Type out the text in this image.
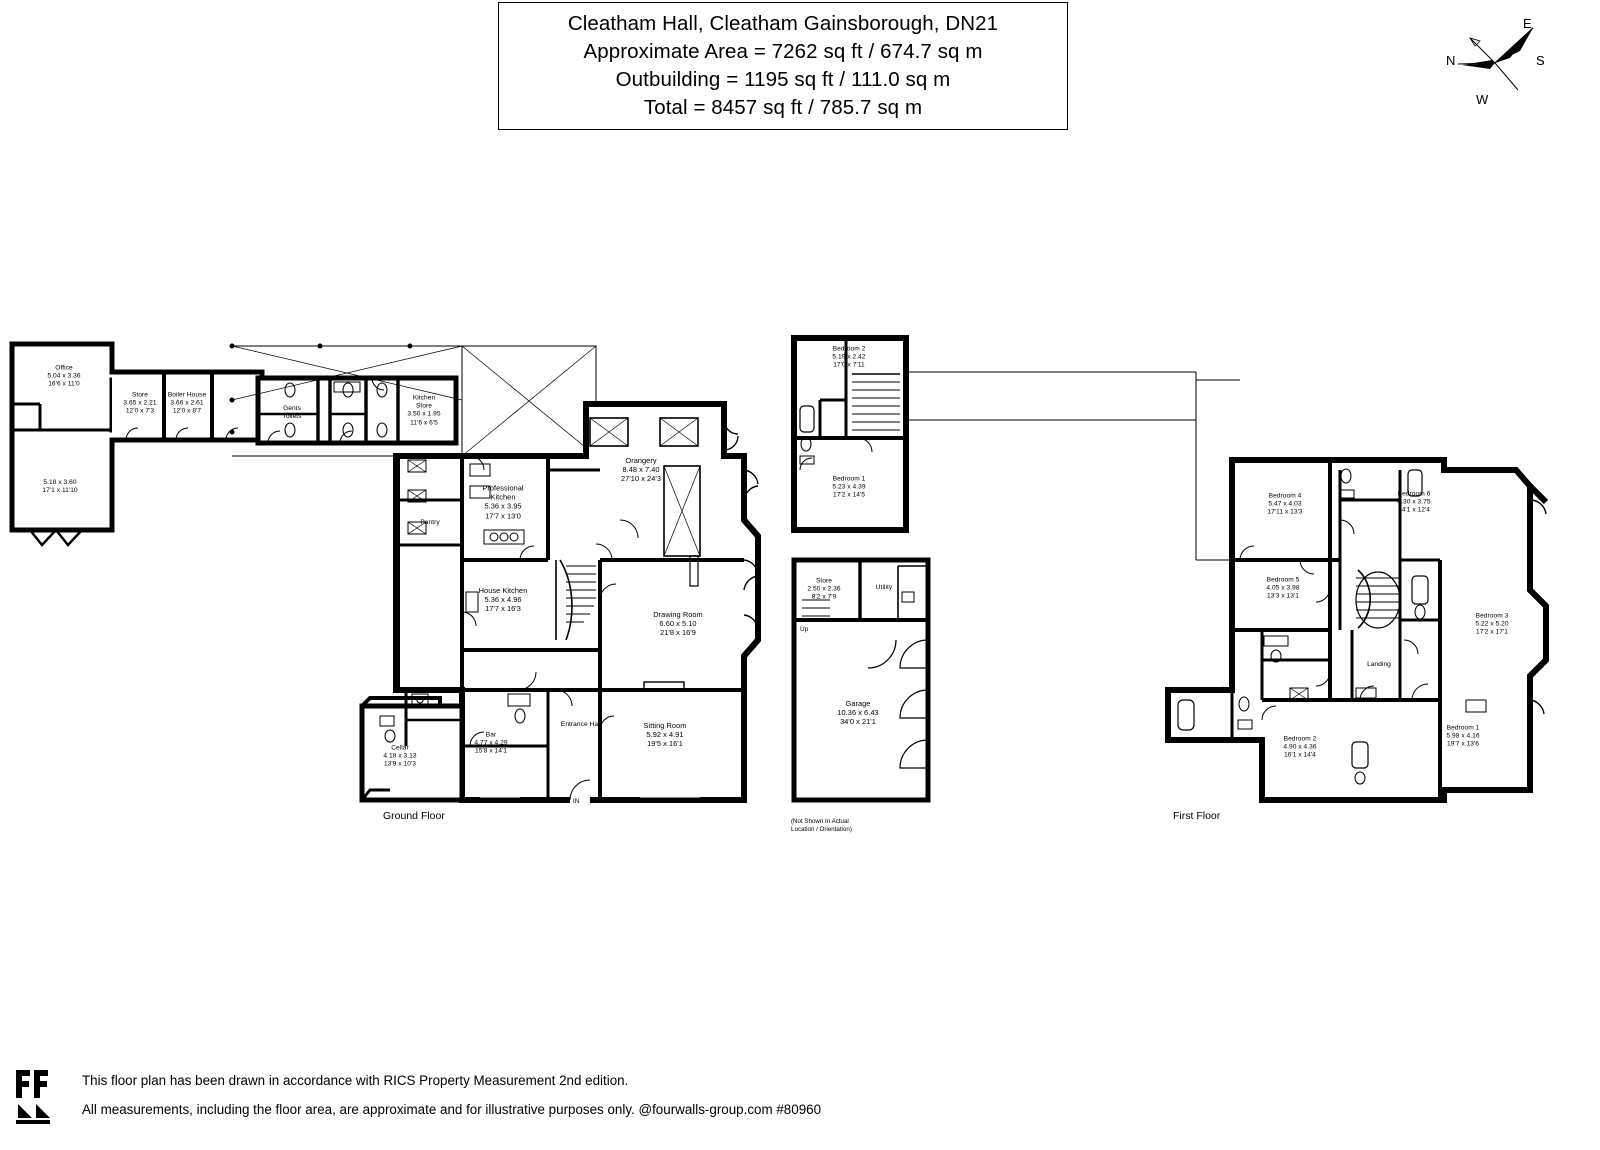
Cleatham Hall, Cleatham Gainsborough, DN21
Approximate Area = 7262 sq ft / 674.7 sq m
Outbuilding = 1195 sq ft / 111.0 sq m
Total = 8457 sq ft / 785.7 sq m
N
E
S
W
Office
5.04 x 3.36
16'6 x 11'0
5.18 x 3.60
17'1 x 11'10
Store
3.65 x 2.21
12'0 x 7'3
Boiler House
3.66 x 2.61
12'0 x 8'7	Gents
Toilets
Kitchen
Store
3.50 x 1.95
11'6 x 6'5
Professional
Kitchen
5.36 x 3.95
17'7 x 13'0
Pantry
House Kitchen
5.36 x 4.96
17'7 x 16'3
Orangery
8.48 x 7.40
27'10 x 24'3
Drawing Room
6.60 x 5.10
21'8 x 16'9
Entrance Hall	Sitting Room
5.92 x 4.91
19'5 x 16'1
Bar
4.77 x 4.29
15'8 x 14'1
Cellar
4.18 x 3.13
13'9 x 10'3
Bedroom 2
5.19 x 2.42
17'0 x 7'11
Bedroom 1
5.23 x 4.39
17'2 x 14'5
Store
2.50 x 2.36
8'2 x 7'9
Utility
Garage
10.36 x 6.43
34'0 x 21'1
Bedroom 4
5.47 x 4.03
17'11 x 13'3
Bedroom 6
4.30 x 3.75
14'1 x 12'4
Bedroom 5
4.05 x 3.98
13'3 x 13'1
Bedroom 3
5.22 x 5.20
17'2 x 17'1
Landing
Bedroom 2
4.90 x 4.36
16'1 x 14'4
Bedroom 1
5.98 x 4.16
19'7 x 13'6
Ground Floor	First Floor
IN
Up
Up
(Not Shown In Actual
Location / Orientation)
This floor plan has been drawn in accordance with RICS Property Measurement 2nd edition.
All measurements, including the floor area, are approximate and for illustrative purposes only. @fourwalls-group.com #80960
